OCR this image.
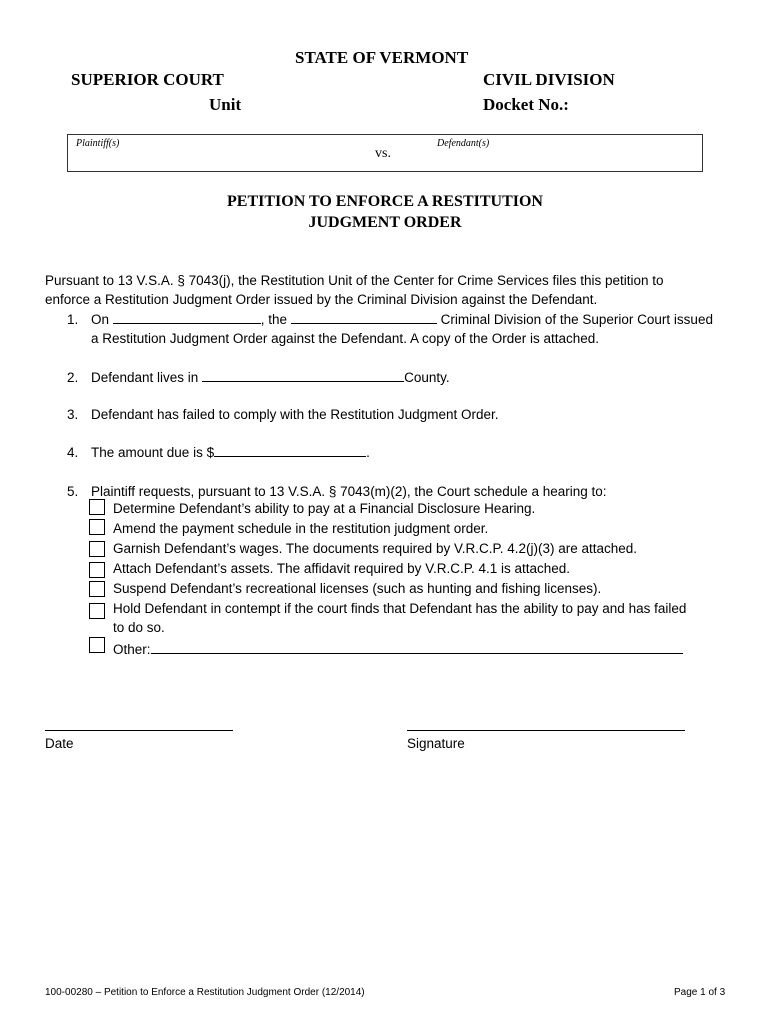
STATE OF VERMONT
SUPERIOR COURT
Unit
CIVIL DIVISION
Docket No.:
Plaintiff(s)	Defendant(s)
vs.
PETITION TO ENFORCE A RESTITUTION
JUDGMENT ORDER
Pursuant to 13 V.S.A. § 7043(j), the Restitution Unit of the Center for Crime Services files this petition to
enforce a Restitution Judgment Order issued by the Criminal Division against the Defendant.
1. On	, the	Criminal Division of the Superior Court issued
a Restitution Judgment Order against the Defendant. A copy of the Order is attached.
2. Defendant lives in	County.
3. Defendant has failed to comply with the Restitution Judgment Order.
4. The amount due is $	.
5. Plaintiff requests, pursuant to 13 V.S.A. § 7043(m)(2), the Court schedule a hearing to:
Determine Defendant’s ability to pay at a Financial Disclosure Hearing.
Amend the payment schedule in the restitution judgment order.
Garnish Defendant’s wages. The documents required by V.R.C.P. 4.2(j)(3) are attached.
Attach Defendant’s assets. The affidavit required by V.R.C.P. 4.1 is attached.
Suspend Defendant’s recreational licenses (such as hunting and fishing licenses).
Hold Defendant in contempt if the court finds that Defendant has the ability to pay and has failed
to do so.
Other:
Date	Signature
100-00280 – Petition to Enforce a Restitution Judgment Order (12/2014)	Page 1 of 3
